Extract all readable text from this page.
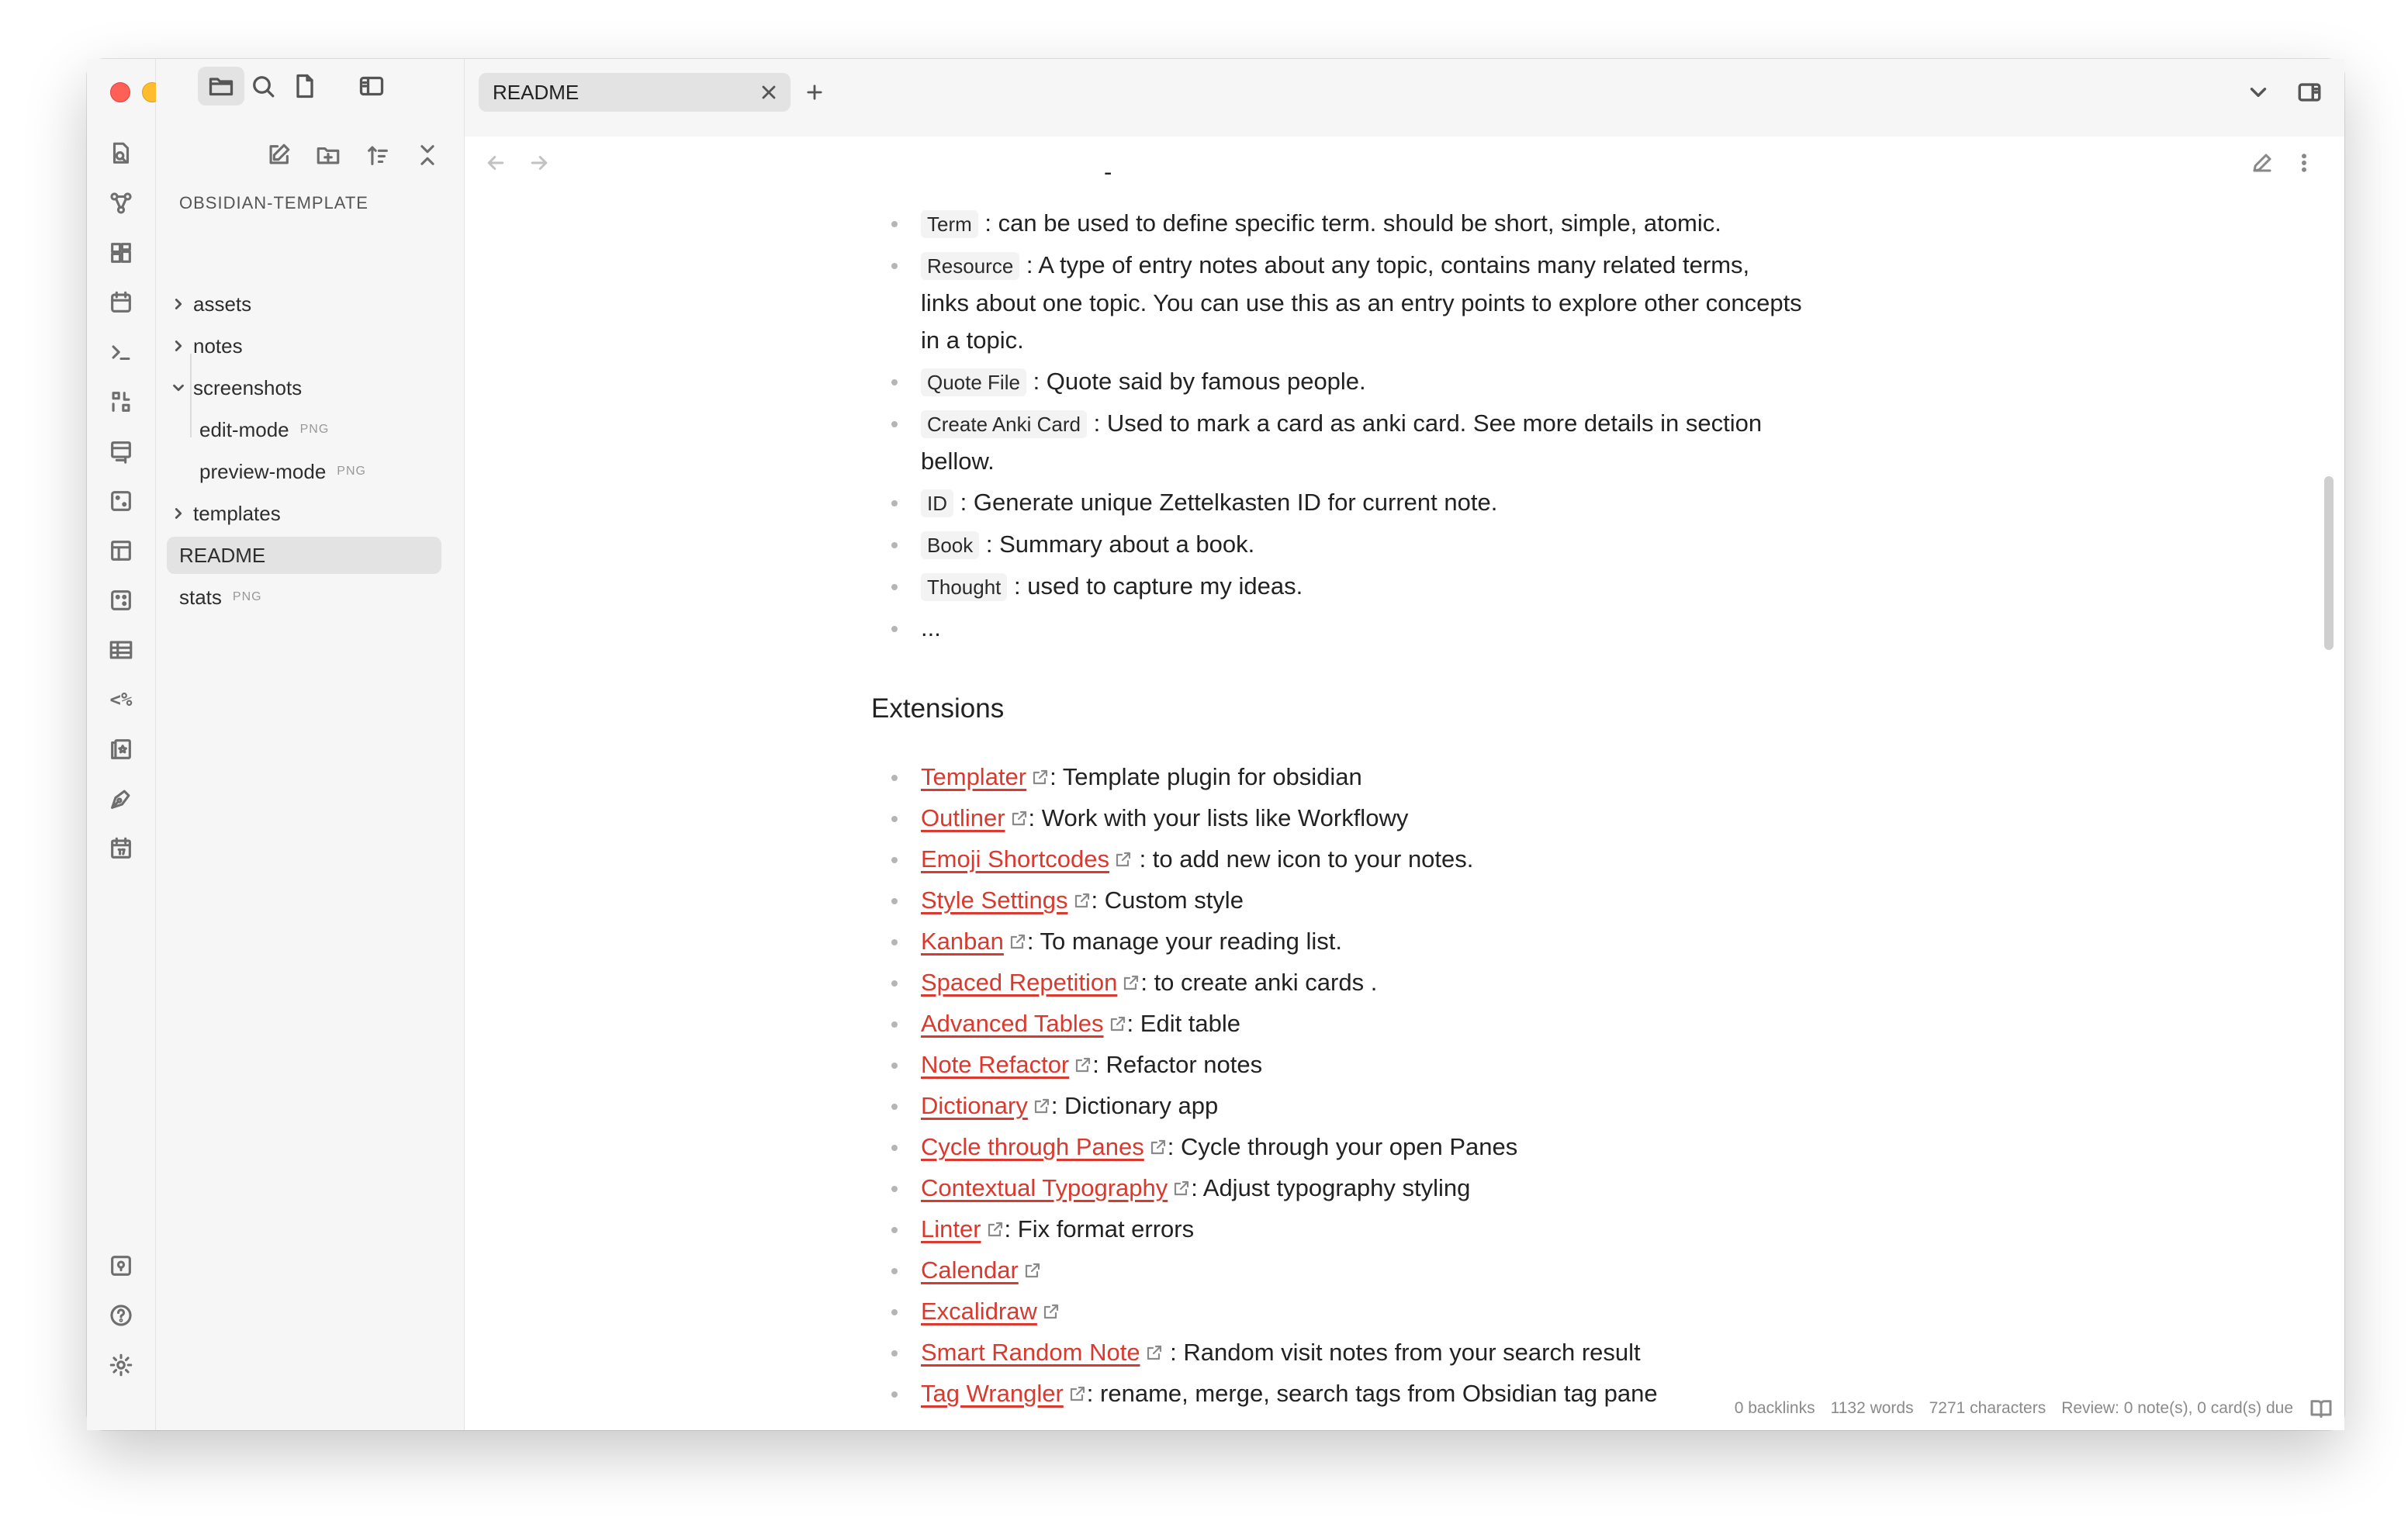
<%
OBSIDIAN-TEMPLATE
assets
notes
screenshots
edit-mode PNG
preview-mode PNG
templates
README
stats PNG
README
-
Term : can be used to define specific term. should be short, simple, atomic.
Resource : A type of entry notes about any topic, contains many related terms, links about one topic. You can use this as an entry points to explore other concepts in a topic.
Quote File : Quote said by famous people.
Create Anki Card : Used to mark a card as anki card. See more details in section bellow.
ID : Generate unique Zettelkasten ID for current note.
Book : Summary about a book.
Thought : used to capture my ideas.
...
Extensions
Templater : Template plugin for obsidian
Outliner : Work with your lists like Workflowy
Emoji Shortcodes : to add new icon to your notes.
Style Settings : Custom style
Kanban : To manage your reading list.
Spaced Repetition : to create anki cards .
Advanced Tables : Edit table
Note Refactor : Refactor notes
Dictionary : Dictionary app
Cycle through Panes : Cycle through your open Panes
Contextual Typography : Adjust typography styling
Linter : Fix format errors
Calendar
Excalidraw
Smart Random Note : Random visit notes from your search result
Tag Wrangler : rename, merge, search tags from Obsidian tag pane
0 backlinks 1132 words 7271 characters Review: 0 note(s), 0 card(s) due
